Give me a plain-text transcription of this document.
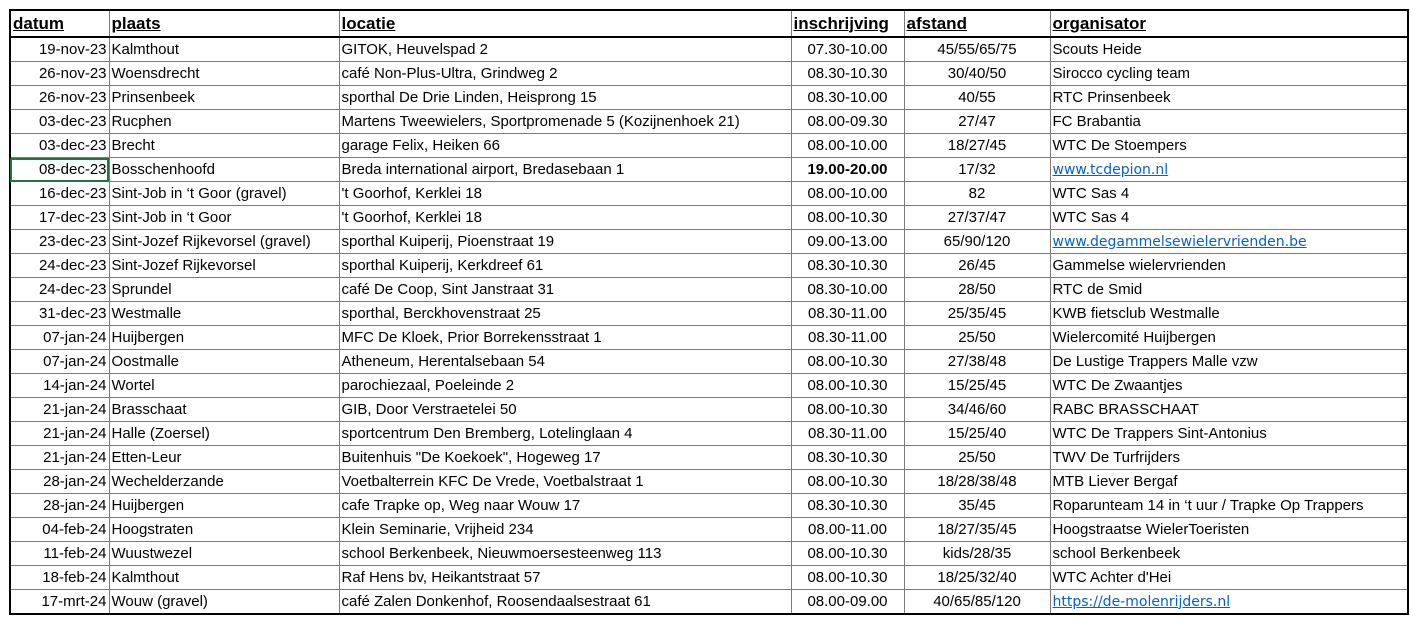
datum	plaats	locatie	inschrijving	afstand	organisator
19-nov-23	Kalmthout	GITOK, Heuvelspad 2	07.30-10.00	45/55/65/75	Scouts Heide
26-nov-23	Woensdrecht	café Non-Plus-Ultra, Grindweg 2	08.30-10.30	30/40/50	Sirocco cycling team
26-nov-23	Prinsenbeek	sporthal De Drie Linden, Heisprong 15	08.30-10.00	40/55	RTC Prinsenbeek
03-dec-23	Rucphen	Martens Tweewielers, Sportpromenade 5 (Kozijnenhoek 21)	08.00-09.30	27/47	FC Brabantia
03-dec-23	Brecht	garage Felix, Heiken 66	08.00-10.00	18/27/45	WTC De Stoempers
08-dec-23	Bosschenhoofd	Breda international airport, Bredasebaan 1	19.00-20.00	17/32	www.tcdepion.nl
16-dec-23	Sint-Job in ‘t Goor (gravel)	't Goorhof, Kerklei 18	08.00-10.00	82	WTC Sas 4
17-dec-23	Sint-Job in ‘t Goor	't Goorhof, Kerklei 18	08.00-10.30	27/37/47	WTC Sas 4
23-dec-23	Sint-Jozef Rijkevorsel (gravel)	sporthal Kuiperij, Pioenstraat 19	09.00-13.00	65/90/120	www.degammelsewielervrienden.be
24-dec-23	Sint-Jozef Rijkevorsel	sporthal Kuiperij, Kerkdreef 61	08.30-10.30	26/45	Gammelse wielervrienden
24-dec-23	Sprundel	café De Coop, Sint Janstraat 31	08.30-10.00	28/50	RTC de Smid
31-dec-23	Westmalle	sporthal, Berckhovenstraat 25	08.30-11.00	25/35/45	KWB fietsclub Westmalle
07-jan-24	Huijbergen	MFC De Kloek, Prior Borrekensstraat 1	08.30-11.00	25/50	Wielercomité Huijbergen
07-jan-24	Oostmalle	Atheneum, Herentalsebaan 54	08.00-10.30	27/38/48	De Lustige Trappers Malle vzw
14-jan-24	Wortel	parochiezaal, Poeleinde 2	08.00-10.30	15/25/45	WTC De Zwaantjes
21-jan-24	Brasschaat	GIB, Door Verstraetelei 50	08.00-10.30	34/46/60	RABC BRASSCHAAT
21-jan-24	Halle (Zoersel)	sportcentrum Den Bremberg, Lotelinglaan 4	08.30-11.00	15/25/40	WTC De Trappers Sint-Antonius
21-jan-24	Etten-Leur	Buitenhuis "De Koekoek", Hogeweg 17	08.30-10.30	25/50	TWV De Turfrijders
28-jan-24	Wechelderzande	Voetbalterrein KFC De Vrede, Voetbalstraat 1	08.00-10.30	18/28/38/48	MTB Liever Bergaf
28-jan-24	Huijbergen	cafe Trapke op, Weg naar Wouw 17	08.30-10.30	35/45	Roparunteam 14 in ‘t uur / Trapke Op Trappers
04-feb-24	Hoogstraten	Klein Seminarie, Vrijheid 234	08.00-11.00	18/27/35/45	Hoogstraatse WielerToeristen
11-feb-24	Wuustwezel	school Berkenbeek, Nieuwmoersesteenweg 113	08.00-10.30	kids/28/35	school Berkenbeek
18-feb-24	Kalmthout	Raf Hens bv, Heikantstraat 57	08.00-10.30	18/25/32/40	WTC Achter d'Hei
17-mrt-24	Wouw (gravel)	café Zalen Donkenhof, Roosendaalsestraat 61	08.00-09.00	40/65/85/120	https://de-molenrijders.nl
